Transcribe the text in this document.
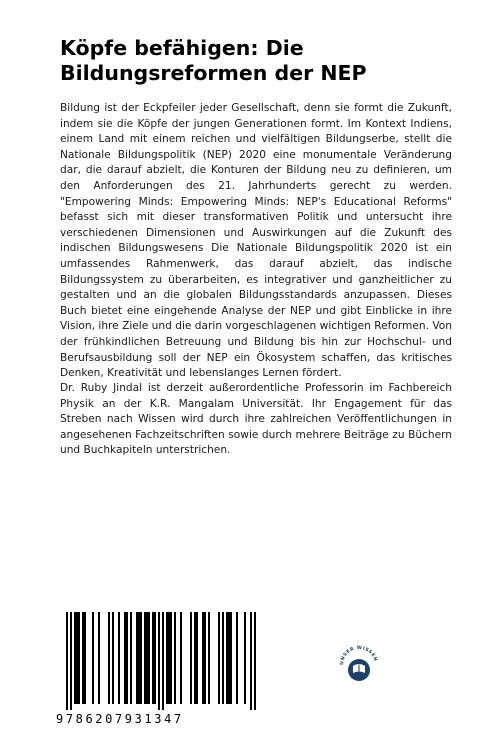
Köpfe befähigen: Die
Bildungsreformen der NEP

Bildung ist der Eckpfeiler jeder Gesellschaft, denn sie formt die Zukunft, indem sie die Köpfe der jungen Generationen formt. Im Kontext Indiens, einem Land mit einem reichen und vielfältigen Bildungserbe, stellt die Nationale Bildungspolitik (NEP) 2020 eine monumentale Veränderung dar, die darauf abzielt, die Konturen der Bildung neu zu definieren, um den Anforderungen des 21. Jahrhunderts gerecht zu werden. "Empowering Minds: Empowering Minds: NEP's Educational Reforms" befasst sich mit dieser transformativen Politik und untersucht ihre verschiedenen Dimensionen und Auswirkungen auf die Zukunft des indischen Bildungswesens Die Nationale Bildungspolitik 2020 ist ein umfassendes Rahmenwerk, das darauf abzielt, das indische Bildungssystem zu überarbeiten, es integrativer und ganzheitlicher zu gestalten und an die globalen Bildungsstandards anzupassen. Dieses Buch bietet eine eingehende Analyse der NEP und gibt Einblicke in ihre Vision, ihre Ziele und die darin vorgeschlagenen wichtigen Reformen. Von der frühkindlichen Betreuung und Bildung bis hin zur Hochschul- und Berufsausbildung soll der NEP ein Ökosystem schaffen, das kritisches Denken, Kreativität und lebenslanges Lernen fördert.

Dr. Ruby Jindal ist derzeit außerordentliche Professorin im Fachbereich Physik an der K.R. Mangalam Universität. Ihr Engagement für das Streben nach Wissen wird durch ihre zahlreichen Veröffentlichungen in angesehenen Fachzeitschriften sowie durch mehrere Beiträge zu Büchern und Buchkapiteln unterstrichen.

9786207931347
UNSER WISSEN
